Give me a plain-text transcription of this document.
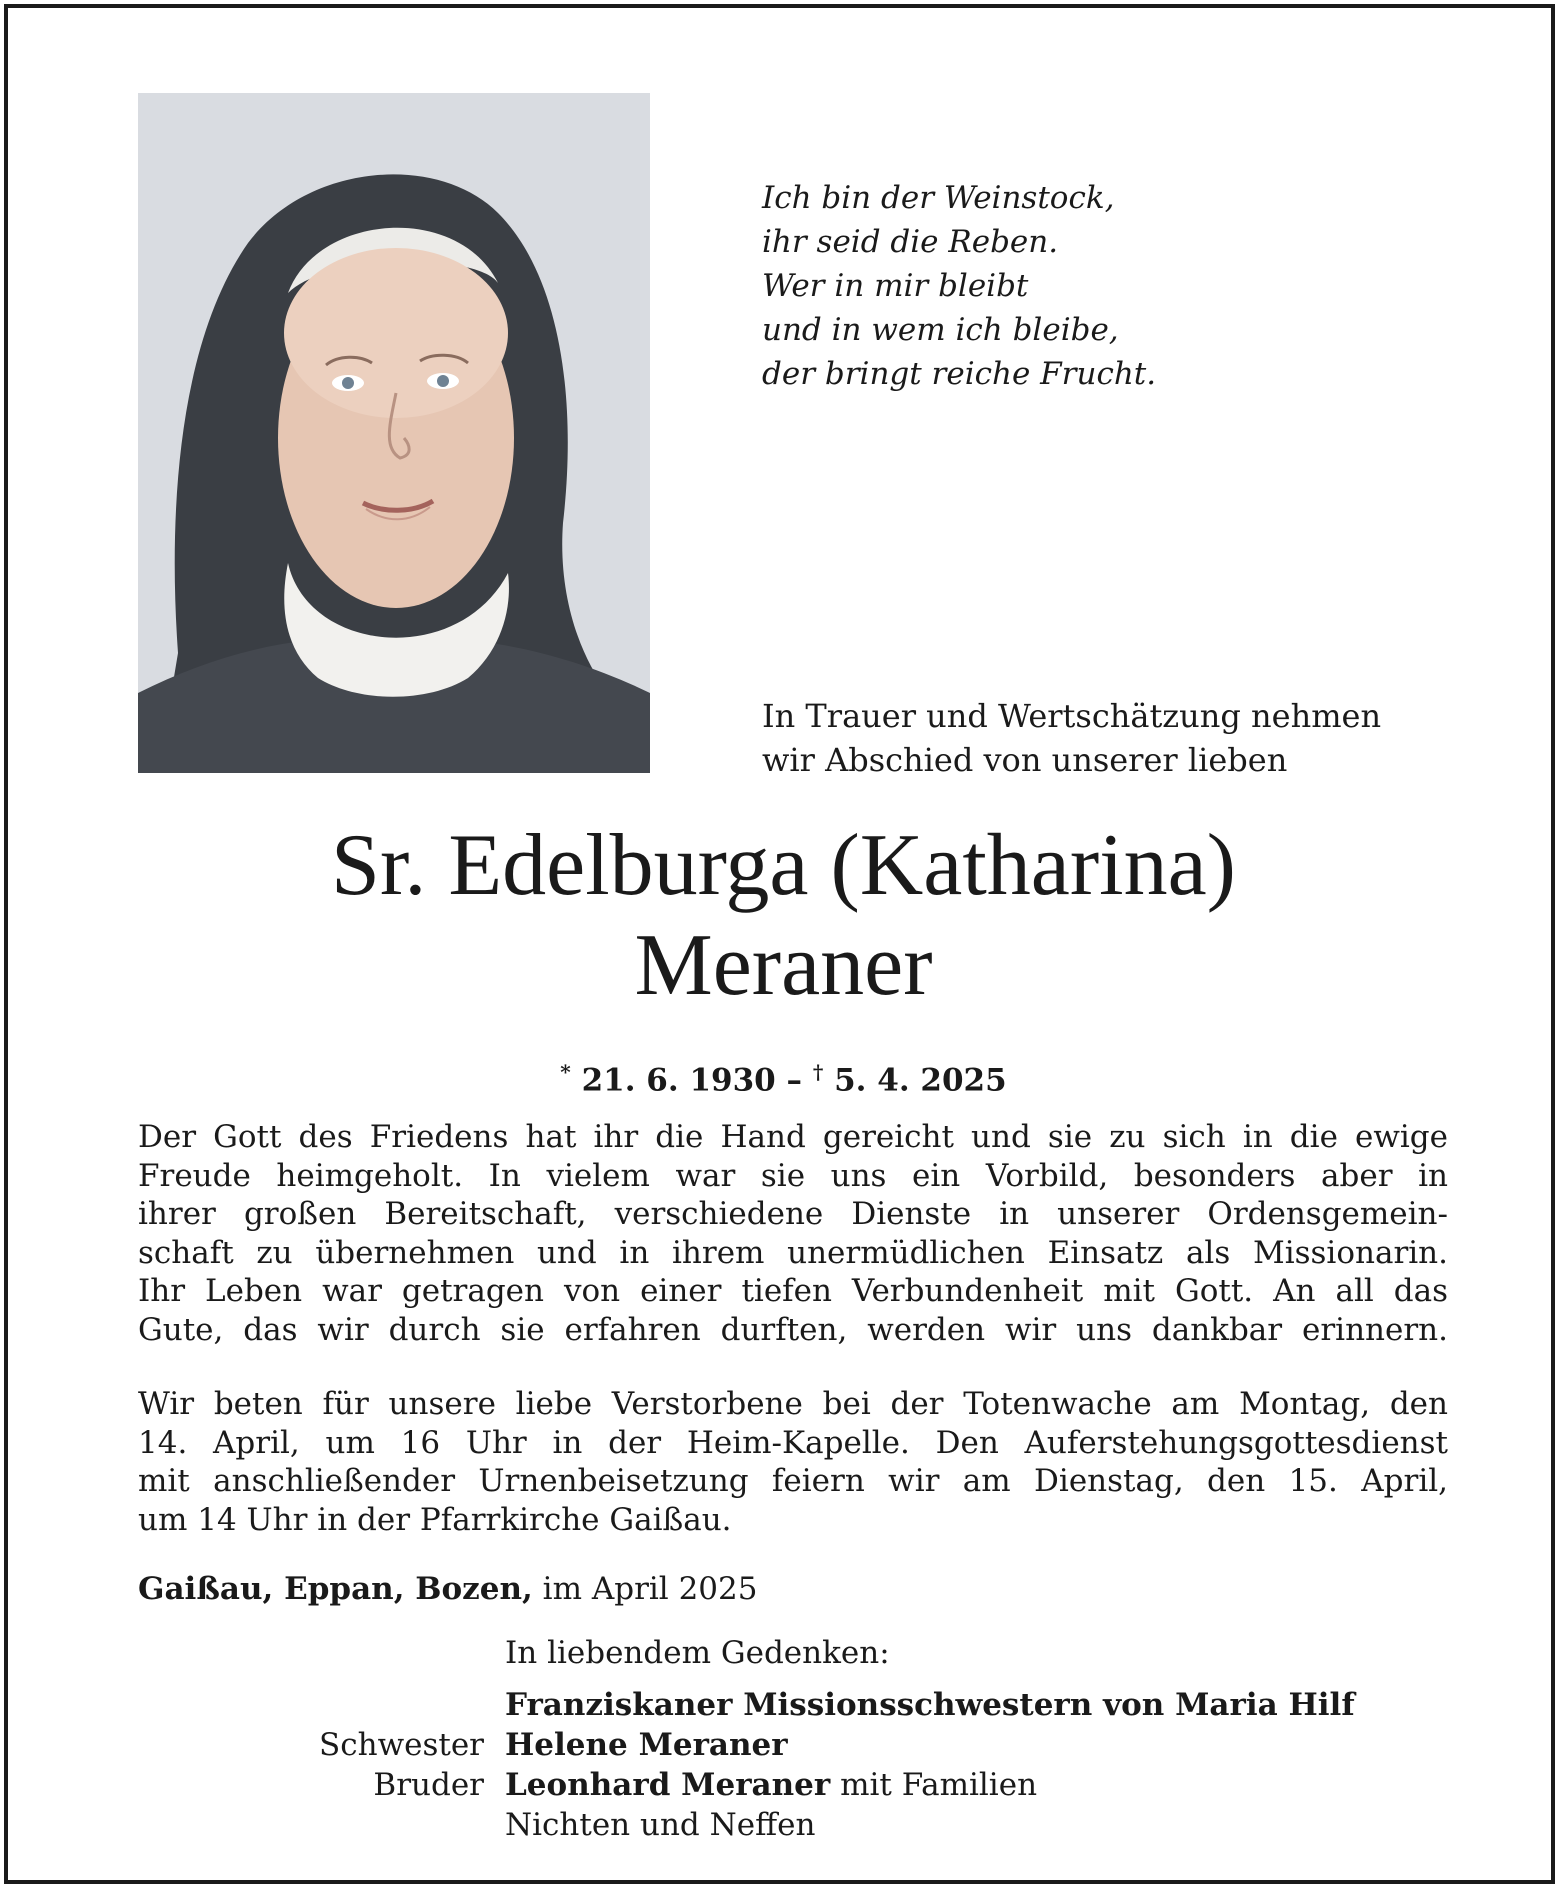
Ich bin der Weinstock,
ihr seid die Reben.
Wer in mir bleibt
und in wem ich bleibe,
der bringt reiche Frucht.
In Trauer und Wertschätzung nehmen
wir Abschied von unserer lieben
Sr. Edelburga (Katharina)
Meraner
* 21. 6. 1930 – † 5. 4. 2025
Der Gott des Friedens hat ihr die Hand gereicht und sie zu sich in die ewige
Freude heimgeholt. In vielem war sie uns ein Vorbild, besonders aber in
ihrer großen Bereitschaft, verschiedene Dienste in unserer Ordensgemein-
schaft zu übernehmen und in ihrem unermüdlichen Einsatz als Missionarin.
Ihr Leben war getragen von einer tiefen Verbundenheit mit Gott. An all das
Gute, das wir durch sie erfahren durften, werden wir uns dankbar erinnern.
Wir beten für unsere liebe Verstorbene bei der Totenwache am Montag, den
14. April, um 16 Uhr in der Heim-Kapelle. Den Auferstehungsgottesdienst
mit anschließender Urnenbeisetzung feiern wir am Dienstag, den 15. April,
um 14 Uhr in der Pfarrkirche Gaißau.
Gaißau, Eppan, Bozen, im April 2025
In liebendem Gedenken:
Franziskaner Missionsschwestern von Maria Hilf
Schwester Helene Meraner
Bruder Leonhard Meraner mit Familien
Nichten und Neffen
